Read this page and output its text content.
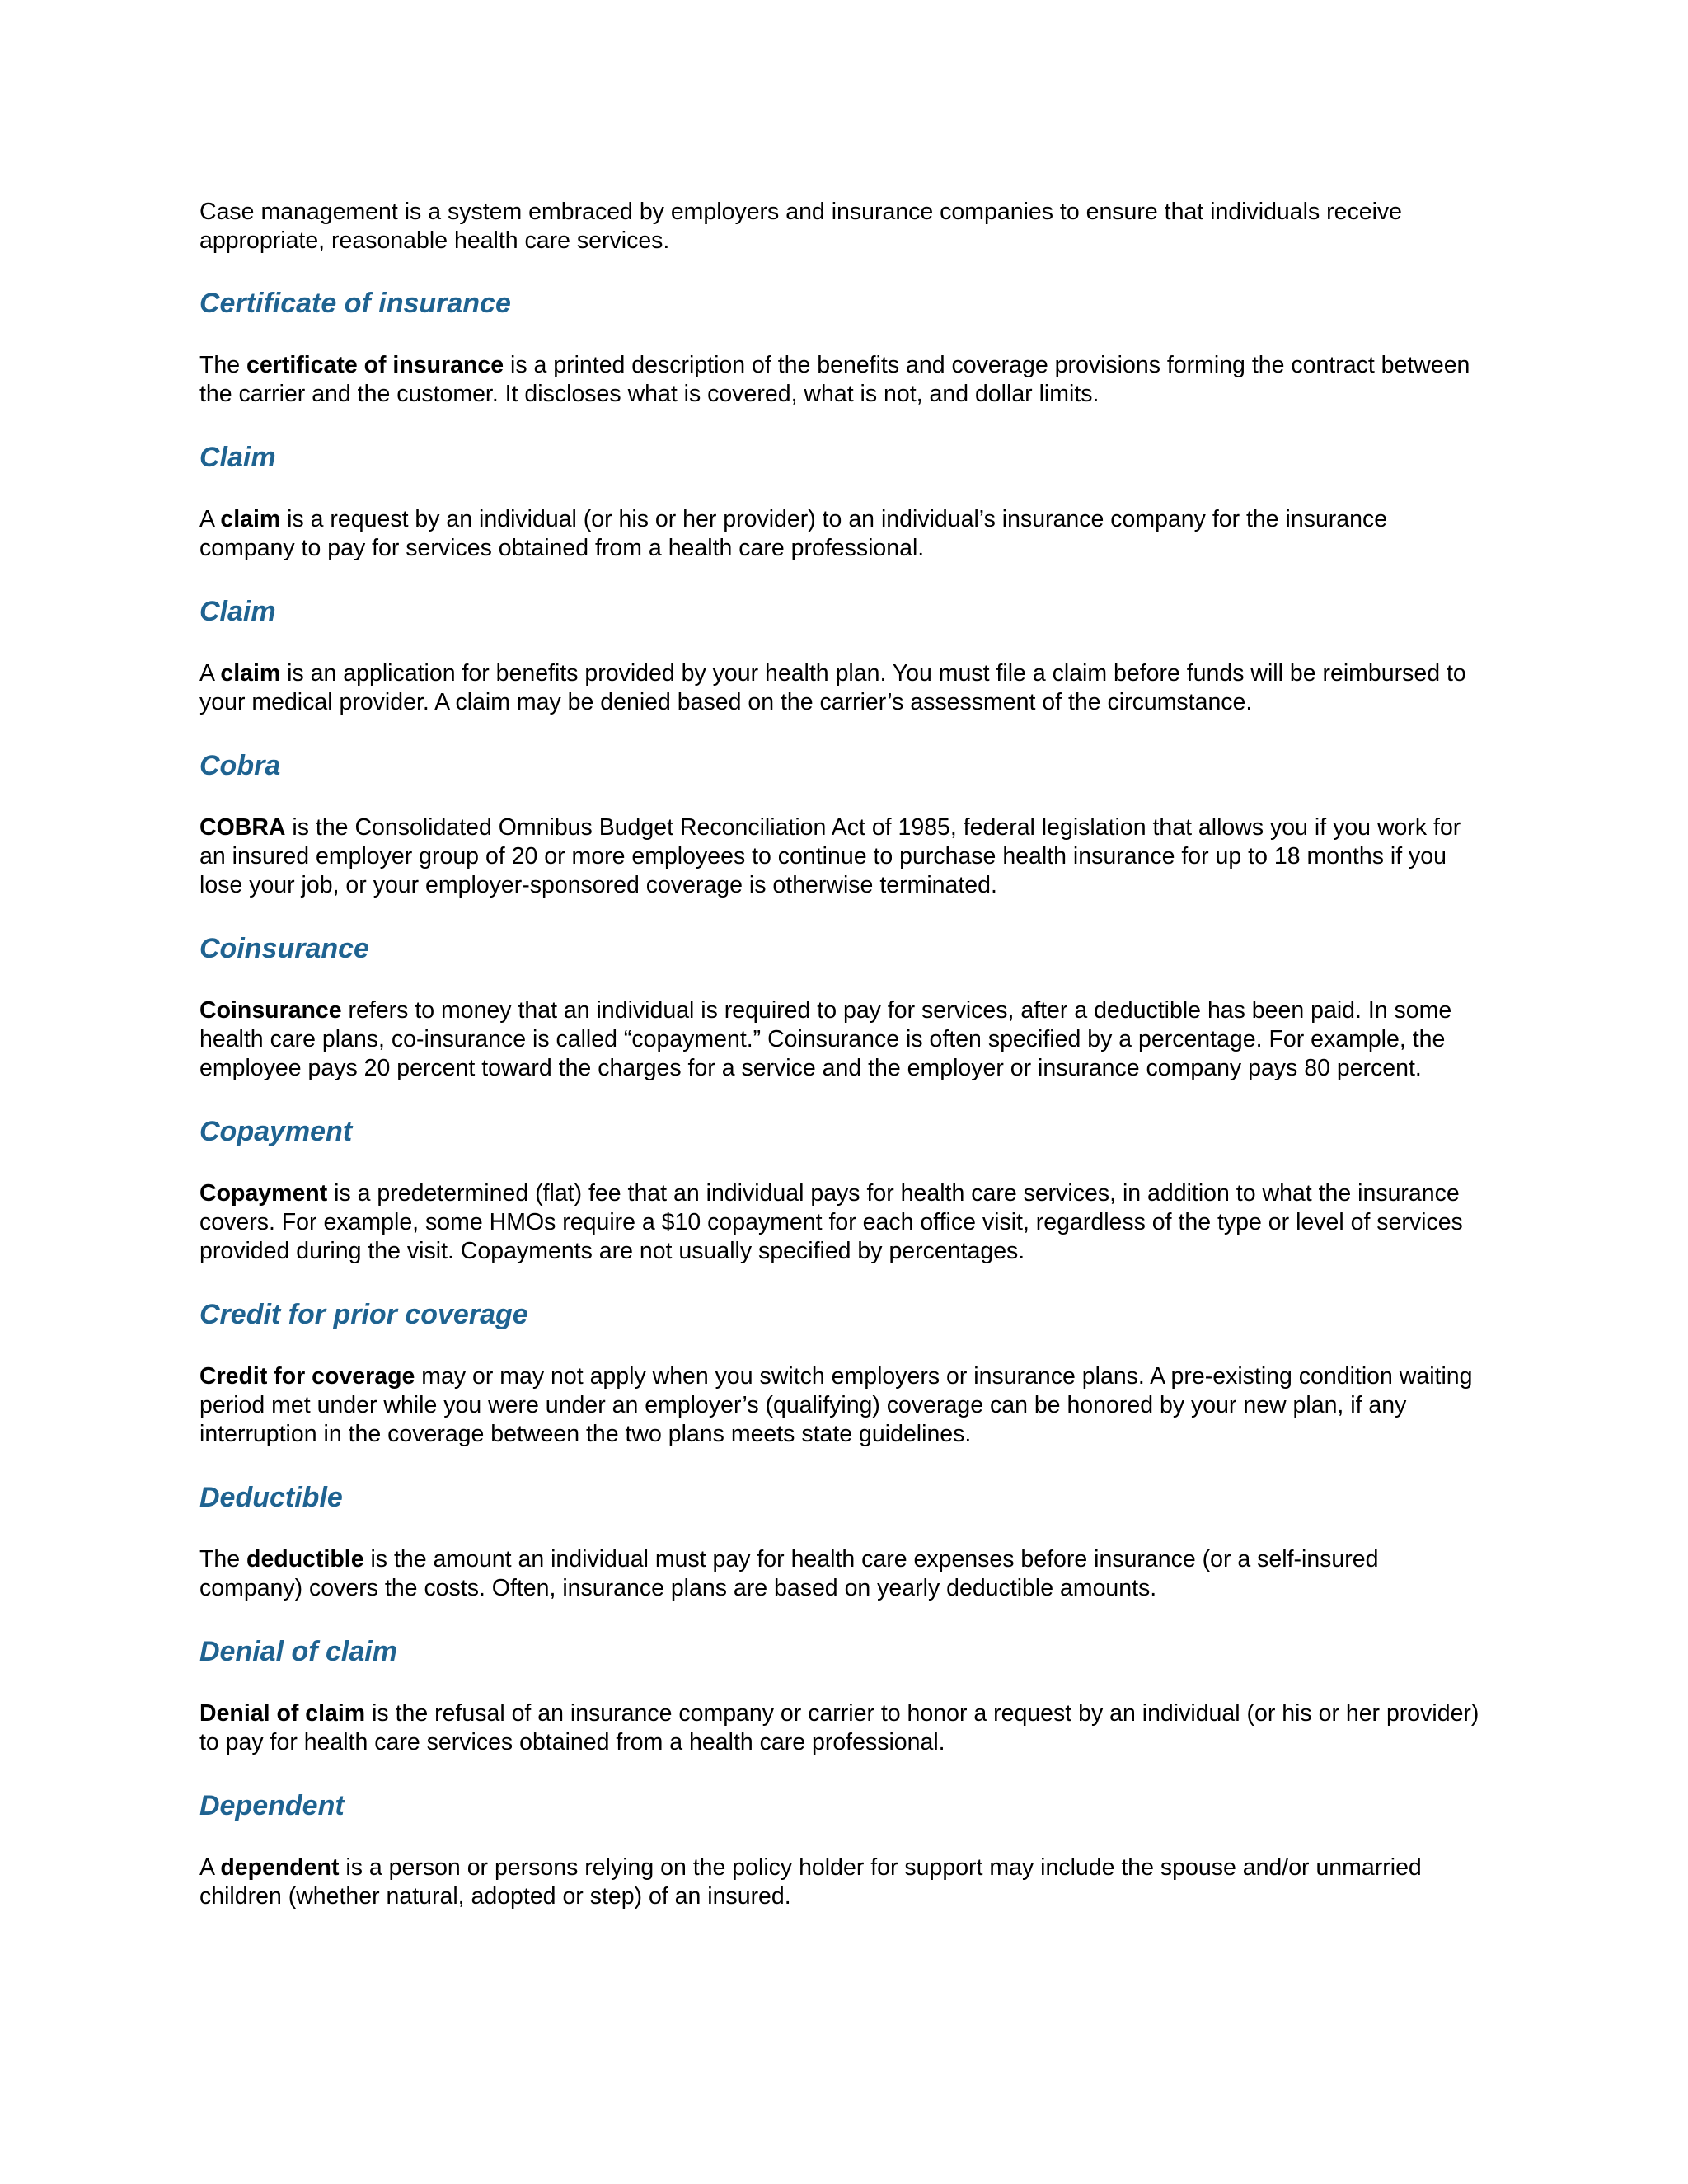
Case management is a system embraced by employers and insurance companies to ensure that individuals receive appropriate, reasonable health care services.

Certificate of insurance

The certificate of insurance is a printed description of the benefits and coverage provisions forming the contract between the carrier and the customer. It discloses what is covered, what is not, and dollar limits.

Claim

A claim is a request by an individual (or his or her provider) to an individual’s insurance company for the insurance company to pay for services obtained from a health care professional.

Claim

A claim is an application for benefits provided by your health plan. You must file a claim before funds will be reimbursed to your medical provider. A claim may be denied based on the carrier’s assessment of the circumstance.

Cobra

COBRA is the Consolidated Omnibus Budget Reconciliation Act of 1985, federal legislation that allows you if you work for an insured employer group of 20 or more employees to continue to purchase health insurance for up to 18 months if you lose your job, or your employer-sponsored coverage is otherwise terminated.

Coinsurance

Coinsurance refers to money that an individual is required to pay for services, after a deductible has been paid. In some health care plans, co-insurance is called “copayment.” Coinsurance is often specified by a percentage. For example, the employee pays 20 percent toward the charges for a service and the employer or insurance company pays 80 percent.

Copayment

Copayment is a predetermined (flat) fee that an individual pays for health care services, in addition to what the insurance covers. For example, some HMOs require a $10 copayment for each office visit, regardless of the type or level of services provided during the visit. Copayments are not usually specified by percentages.

Credit for prior coverage

Credit for coverage may or may not apply when you switch employers or insurance plans. A pre-existing condition waiting period met under while you were under an employer’s (qualifying) coverage can be honored by your new plan, if any interruption in the coverage between the two plans meets state guidelines.

Deductible

The deductible is the amount an individual must pay for health care expenses before insurance (or a self-insured company) covers the costs. Often, insurance plans are based on yearly deductible amounts.

Denial of claim

Denial of claim is the refusal of an insurance company or carrier to honor a request by an individual (or his or her provider) to pay for health care services obtained from a health care professional.

Dependent

A dependent is a person or persons relying on the policy holder for support may include the spouse and/or unmarried children (whether natural, adopted or step) of an insured.
